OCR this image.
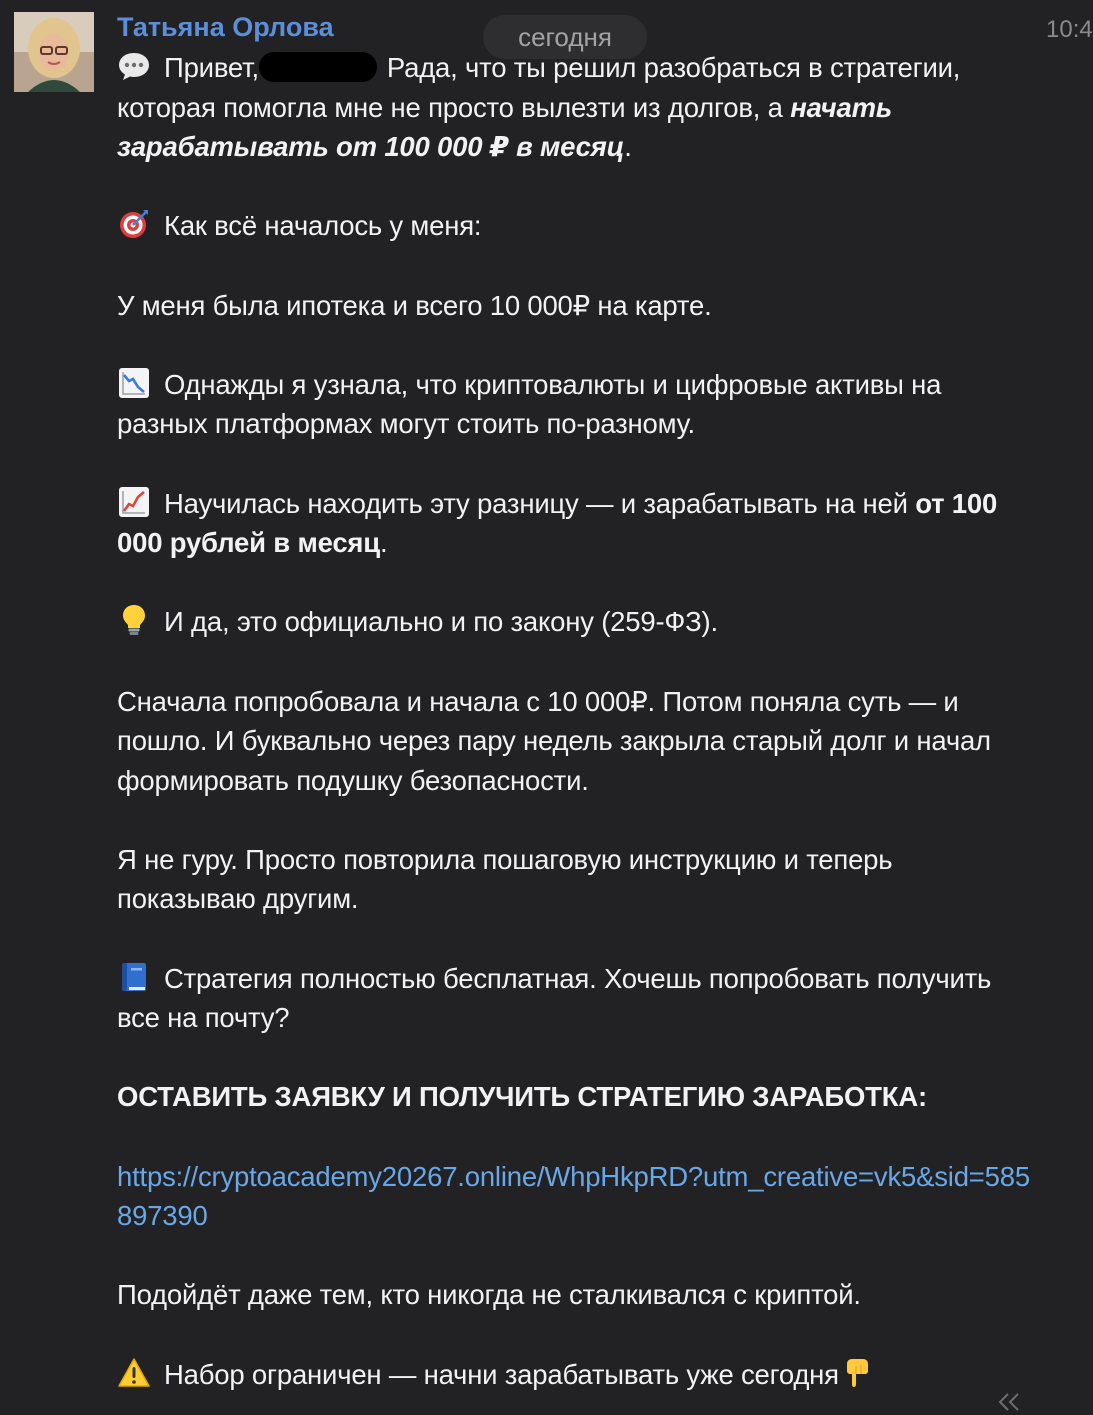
Татьяна Орлова	сегодня	10:4

Привет,	Рада, что ты решил разобраться в стратегии, которая помогла мне не просто вылезти из долгов, а начать зарабатывать от 100 000 ₽ в месяц.

Как всё началось у меня:

У меня была ипотека и всего 10 000₽ на карте.

Однажды я узнала, что криптовалюты и цифровые активы на разных платформах могут стоить по-разному.

Научилась находить эту разницу — и зарабатывать на ней от 100 000 рублей в месяц.

И да, это официально и по закону (259-ФЗ).

Сначала попробовала и начала с 10 000₽. Потом поняла суть — и пошло. И буквально через пару недель закрыла старый долг и начал формировать подушку безопасности.

Я не гуру. Просто повторила пошаговую инструкцию и теперь показываю другим.

Стратегия полностью бесплатная. Хочешь попробовать получить все на почту?

ОСТАВИТЬ ЗАЯВКУ И ПОЛУЧИТЬ СТРАТЕГИЮ ЗАРАБОТКА:

https://cryptoacademy20267.online/WhpHkpRD?utm_creative=vk5&sid=585897390

Подойдёт даже тем, кто никогда не сталкивался с криптой.

Набор ограничен — начни зарабатывать уже сегодня
